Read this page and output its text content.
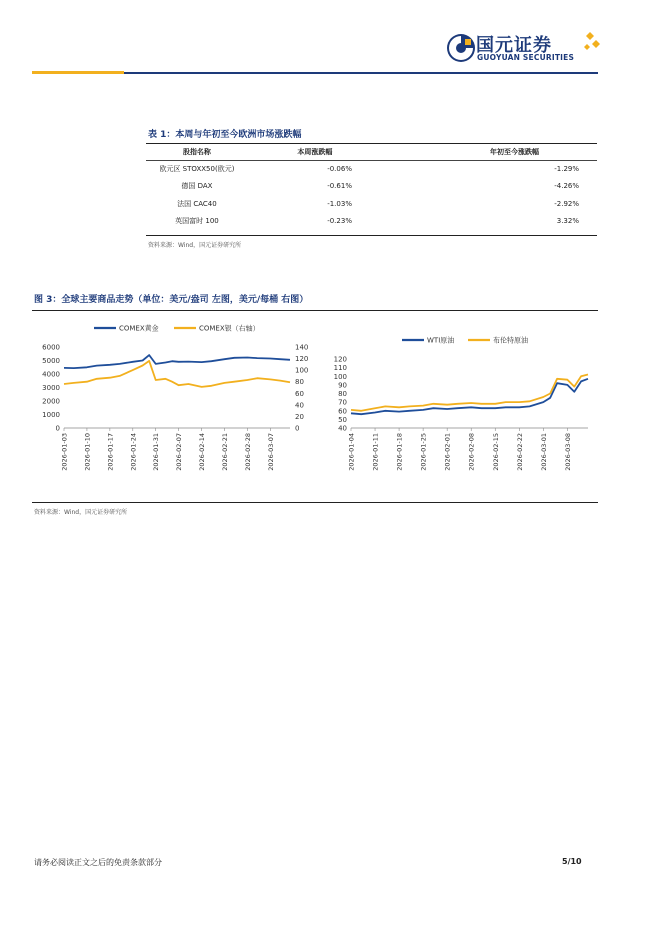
国元证券
GUOYUAN SECURITIES
表 1：本周与年初至今欧洲市场涨跌幅
股指名称	本周涨跌幅	年初至今涨跌幅
欧元区 STOXX50(欧元)	-0.06%	-1.29%
德国 DAX	-0.61%	-4.26%
法国 CAC40	-1.03%	-2.92%
英国富时 100	-0.23%	3.32%
资料来源：Wind，国元证券研究所
图 3：全球主要商品走势（单位：美元/盎司 左图，美元/每桶 右图）
COMEX黄金	COMEX银（右轴）
0
1000
2000
3000
4000
5000
6000
0
20
40
60
80
100
120
140
2026-01-03 2026-01-10 2026-01-17 2026-01-24 2026-01-31 2026-02-07 2026-02-14 2026-02-21 2026-02-28 2026-03-07
WTI原油	布伦特原油
40
50
60
70
80
90
100
110
120
2026-01-04 2026-01-11 2026-01-18 2026-01-25 2026-02-01 2026-02-08 2026-02-15 2026-02-22 2026-03-01 2026-03-08
资料来源：Wind，国元证券研究所
请务必阅读正文之后的免责条款部分	5/10
